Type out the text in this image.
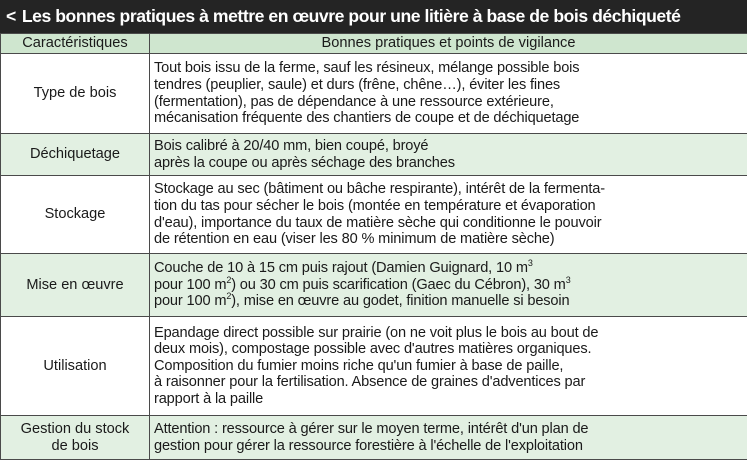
< Les bonnes pratiques à mettre en œuvre pour une litière à base de bois déchiqueté
Caractéristiques	Bonnes pratiques et points de vigilance
Type de bois	Tout bois issu de la ferme, sauf les résineux, mélange possible bois
tendres (peuplier, saule) et durs (frêne, chêne…), éviter les fines
(fermentation), pas de dépendance à une ressource extérieure,
mécanisation fréquente des chantiers de coupe et de déchiquetage

Déchiquetage	Bois calibré à 20/40 mm, bien coupé, broyé
après la coupe ou après séchage des branches

Stockage	Stockage au sec (bâtiment ou bâche respirante), intérêt de la fermenta-
tion du tas pour sécher le bois (montée en température et évaporation
d'eau), importance du taux de matière sèche qui conditionne le pouvoir
de rétention en eau (viser les 80 % minimum de matière sèche)

Mise en œuvre	Couche de 10 à 15 cm puis rajout (Damien Guignard, 10 $m^3$
pour 100 $m^2$) ou 30 cm puis scarification (Gaec du Cébron), 30 $m^3$
pour 100 $m^2$), mise en œuvre au godet, finition manuelle si besoin

Utilisation	Epandage direct possible sur prairie (on ne voit plus le bois au bout de
deux mois), compostage possible avec d'autres matières organiques.
Composition du fumier moins riche qu'un fumier à base de paille,
à raisonner pour la fertilisation. Absence de graines d'adventices par
rapport à la paille

Gestion du stock
de bois	Attention : ressource à gérer sur le moyen terme, intérêt d'un plan de
gestion pour gérer la ressource forestière à l'échelle de l'exploitation
